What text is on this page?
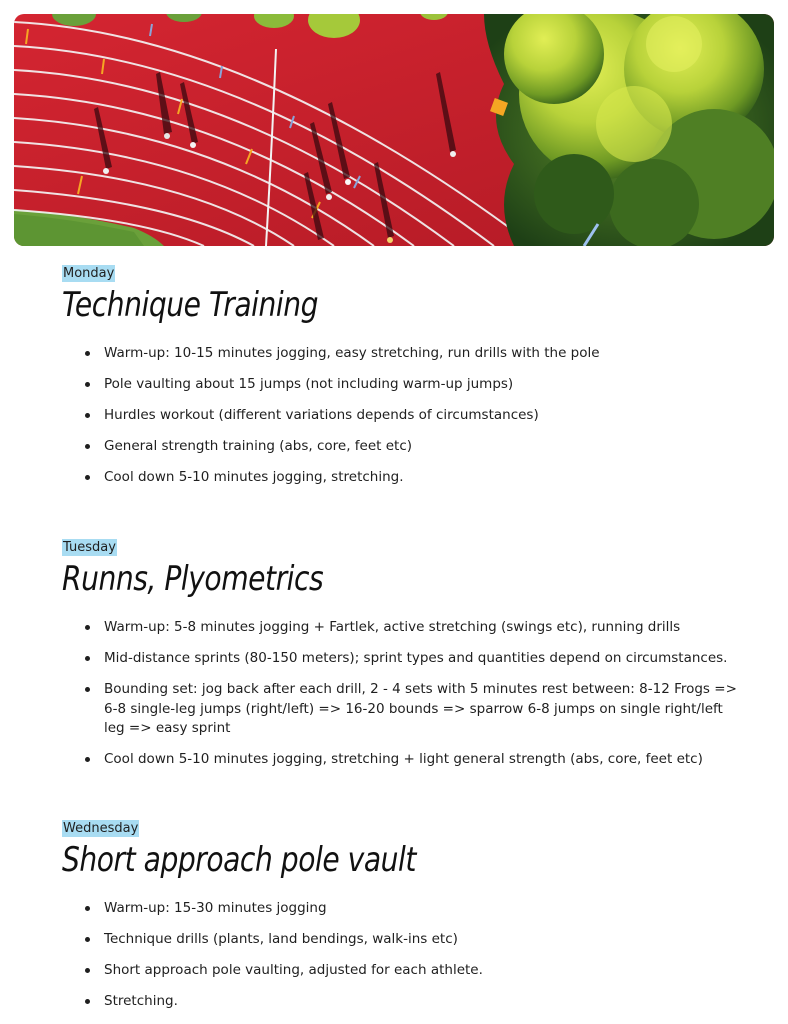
Monday
Technique Training
Warm-up: 10-15 minutes jogging, easy stretching, run drills with the pole
Pole vaulting about 15 jumps (not including warm-up jumps)
Hurdles workout (different variations depends of circumstances)
General strength training (abs, core, feet etc)
Cool down 5-10 minutes jogging, stretching.
Tuesday
Runns, Plyometrics
Warm-up: 5-8 minutes jogging + Fartlek, active stretching (swings etc), running drills
Mid-distance sprints (80-150 meters); sprint types and quantities depend on circumstances.
Bounding set: jog back after each drill, 2 - 4 sets with 5 minutes rest between: 8-12 Frogs => 6-8 single-leg jumps (right/left) => 16-20 bounds => sparrow 6-8 jumps on single right/left leg => easy sprint
Cool down 5-10 minutes jogging, stretching + light general strength (abs, core, feet etc)
Wednesday
Short approach pole vault
Warm-up: 15-30 minutes jogging
Technique drills (plants, land bendings, walk-ins etc)
Short approach pole vaulting, adjusted for each athlete.
Stretching.
